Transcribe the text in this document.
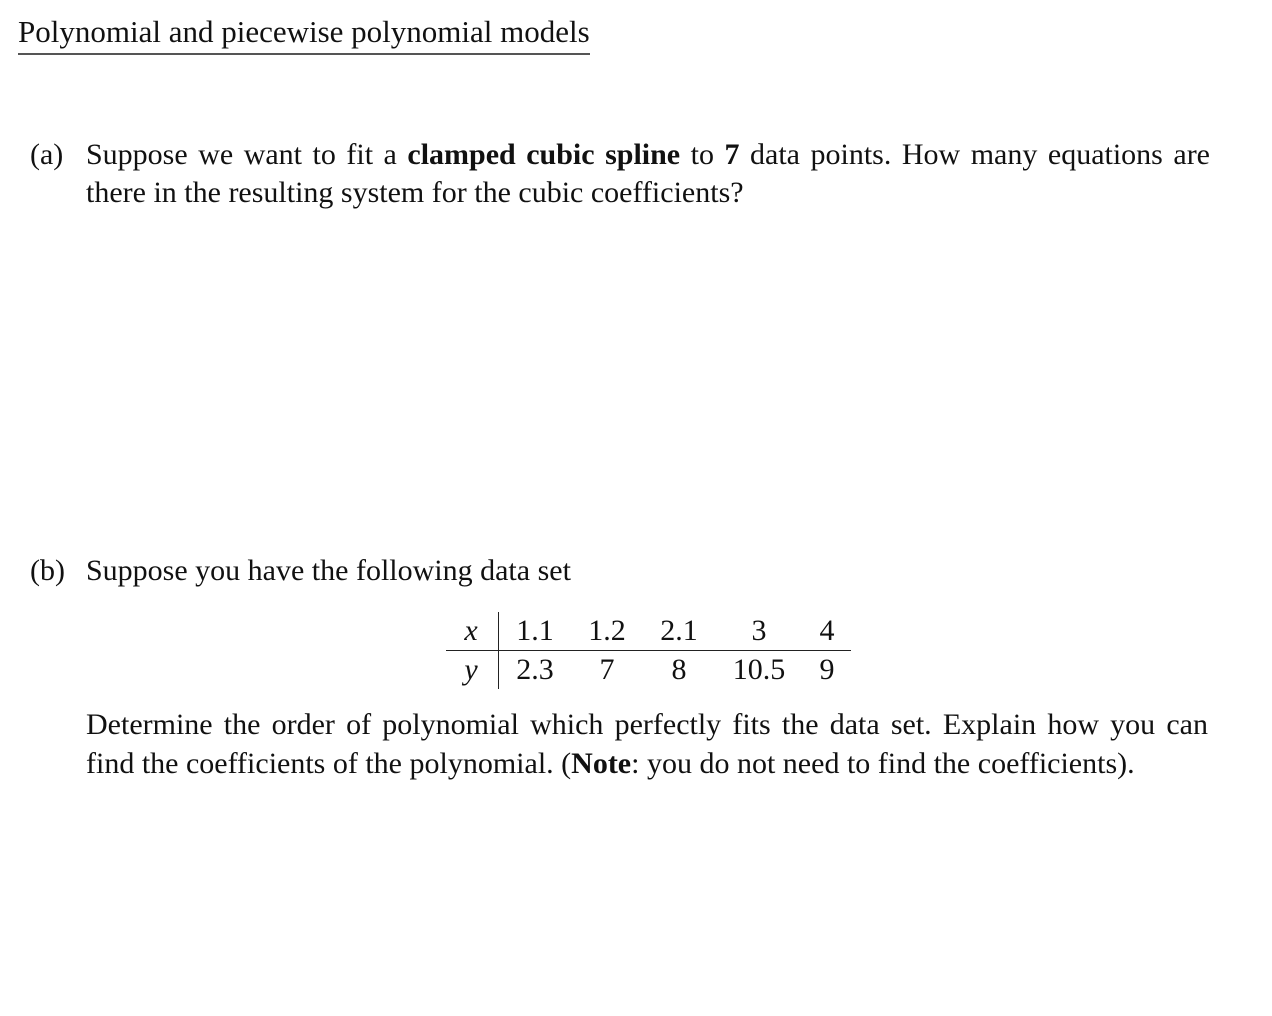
Polynomial and piecewise polynomial models
(a) Suppose we want to fit a clamped cubic spline to 7 data points. How many equations are there in the resulting system for the cubic coefficients?
(b) Suppose you have the following data set
x	1.1	1.2	2.1	3	4
y	2.3	7	8	10.5	9
Determine the order of polynomial which perfectly fits the data set. Explain how you can find the coefficients of the polynomial. (Note: you do not need to find the coefficients).
